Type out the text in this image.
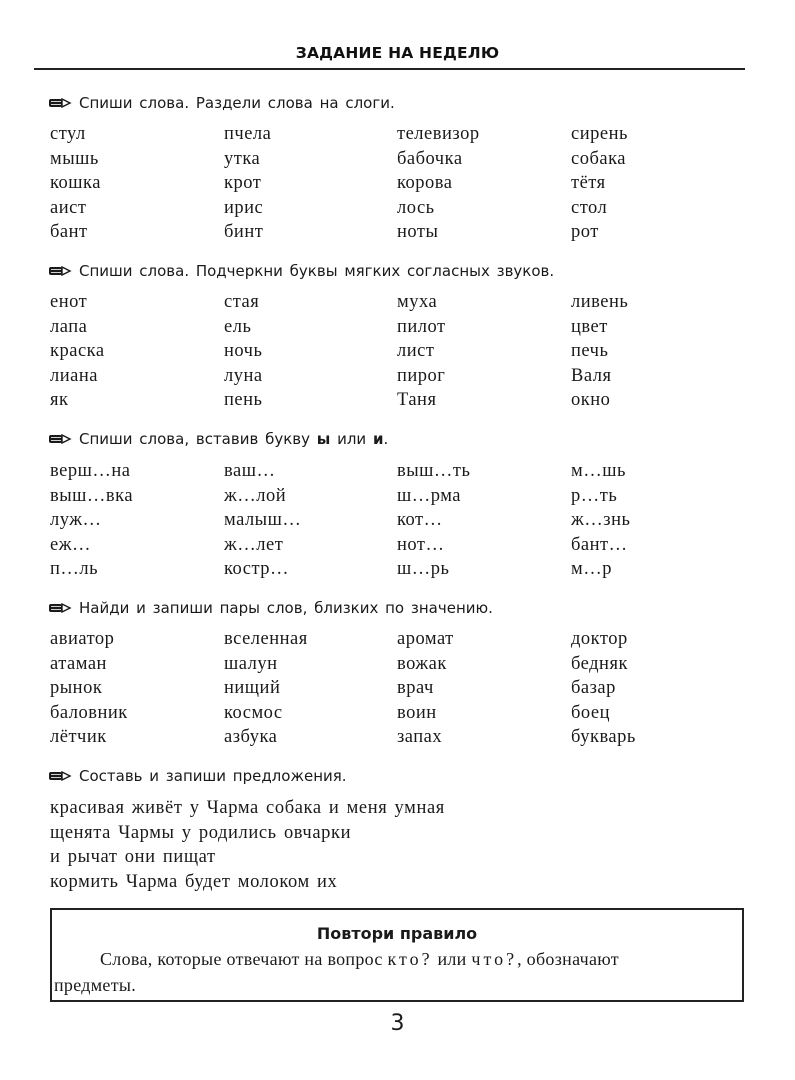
ЗАДАНИЕ НА НЕДЕЛЮ
Спиши слова. Раздели слова на слоги.
стул	пчела	телевизор	сирень
мышь	утка	бабочка	собака
кошка	крот	корова	тётя
аист	ирис	лось	стол
бант	бинт	ноты	рот
Спиши слова. Подчеркни буквы мягких согласных звуков.
енот	стая	муха	ливень
лапа	ель	пилот	цвет
краска	ночь	лист	печь
лиана	луна	пирог	Валя
як	пень	Таня	окно
Спиши слова, вставив букву ы или и.
верш…на	ваш…	выш…ть	м…шь
выш…вка	ж…лой	ш…рма	р…ть
луж…	малыш…	кот…	ж…знь
еж…	ж…лет	нот…	бант…
п…ль	костр…	ш…рь	м…р
Найди и запиши пары слов, близких по значению.
авиатор	вселенная	аромат	доктор
атаман	шалун	вожак	бедняк
рынок	нищий	врач	базар
баловник	космос	воин	боец
лётчик	азбука	запах	букварь
Составь и запиши предложения.
красивая живёт у Чарма собака и меня умная
щенята Чармы у родились овчарки
и рычат они пищат
кормить Чарма будет молоком их
Повтори правило
Слова, которые отвечают на вопрос кто? или что?, обозначают
предметы.
3
